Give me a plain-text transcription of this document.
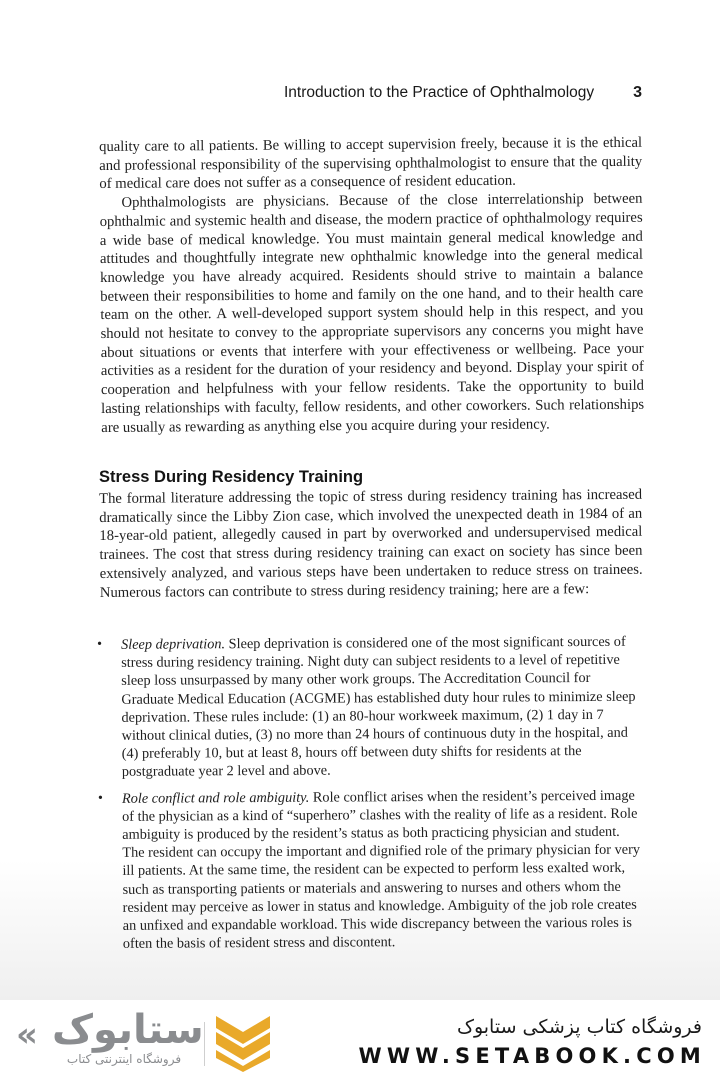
Introduction to the Practice of Ophthalmology 3

quality care to all patients. Be willing to accept supervision freely, because it is the ethical and professional responsibility of the supervising ophthalmologist to ensure that the quality of medical care does not suffer as a consequence of resident education.

Ophthalmologists are physicians. Because of the close interrelationship between ophthalmic and systemic health and disease, the modern practice of ophthalmology requires a wide base of medical knowledge. You must maintain general medical knowledge and attitudes and thoughtfully integrate new ophthalmic knowledge into the general medical knowledge you have already acquired. Residents should strive to maintain a balance between their responsibilities to home and family on the one hand, and to their health care team on the other. A well-developed support system should help in this respect, and you should not hesitate to convey to the appropriate supervisors any concerns you might have about situations or events that interfere with your effectiveness or wellbeing. Pace your activities as a resident for the duration of your residency and beyond. Display your spirit of cooperation and helpfulness with your fellow residents. Take the opportunity to build lasting relationships with faculty, fellow residents, and other coworkers. Such relationships are usually as rewarding as anything else you acquire during your residency.

Stress During Residency Training

The formal literature addressing the topic of stress during residency training has increased dramatically since the Libby Zion case, which involved the unexpected death in 1984 of an 18-year-old patient, allegedly caused in part by overworked and undersupervised medical trainees. The cost that stress during residency training can exact on society has since been extensively analyzed, and various steps have been undertaken to reduce stress on trainees. Numerous factors can contribute to stress during residency training; here are a few:

• Sleep deprivation. Sleep deprivation is considered one of the most significant sources of stress during residency training. Night duty can subject residents to a level of repetitive sleep loss unsurpassed by many other work groups. The Accreditation Council for Graduate Medical Education (ACGME) has established duty hour rules to minimize sleep deprivation. These rules include: (1) an 80-hour workweek maximum, (2) 1 day in 7 without clinical duties, (3) no more than 24 hours of continuous duty in the hospital, and (4) preferably 10, but at least 8, hours off between duty shifts for residents at the postgraduate year 2 level and above.
• Role conflict and role ambiguity. Role conflict arises when the resident’s perceived image of the physician as a kind of “superhero” clashes with the reality of life as a resident. Role ambiguity is produced by the resident’s status as both practicing physician and student. The resident can occupy the important and dignified role of the primary physician for very ill patients. At the same time, the resident can be expected to perform less exalted work, such as transporting patients or materials and answering to nurses and others whom the resident may perceive as lower in status and knowledge. Ambiguity of the job role creates an unfixed and expandable workload. This wide discrepancy between the various roles is often the basis of resident stress and discontent.
« ستابوک
فروشگاه اینترنتی کتاب
فروشگاه کتاب پزشکی ستابوک
WWW.SETABOOK.COM
